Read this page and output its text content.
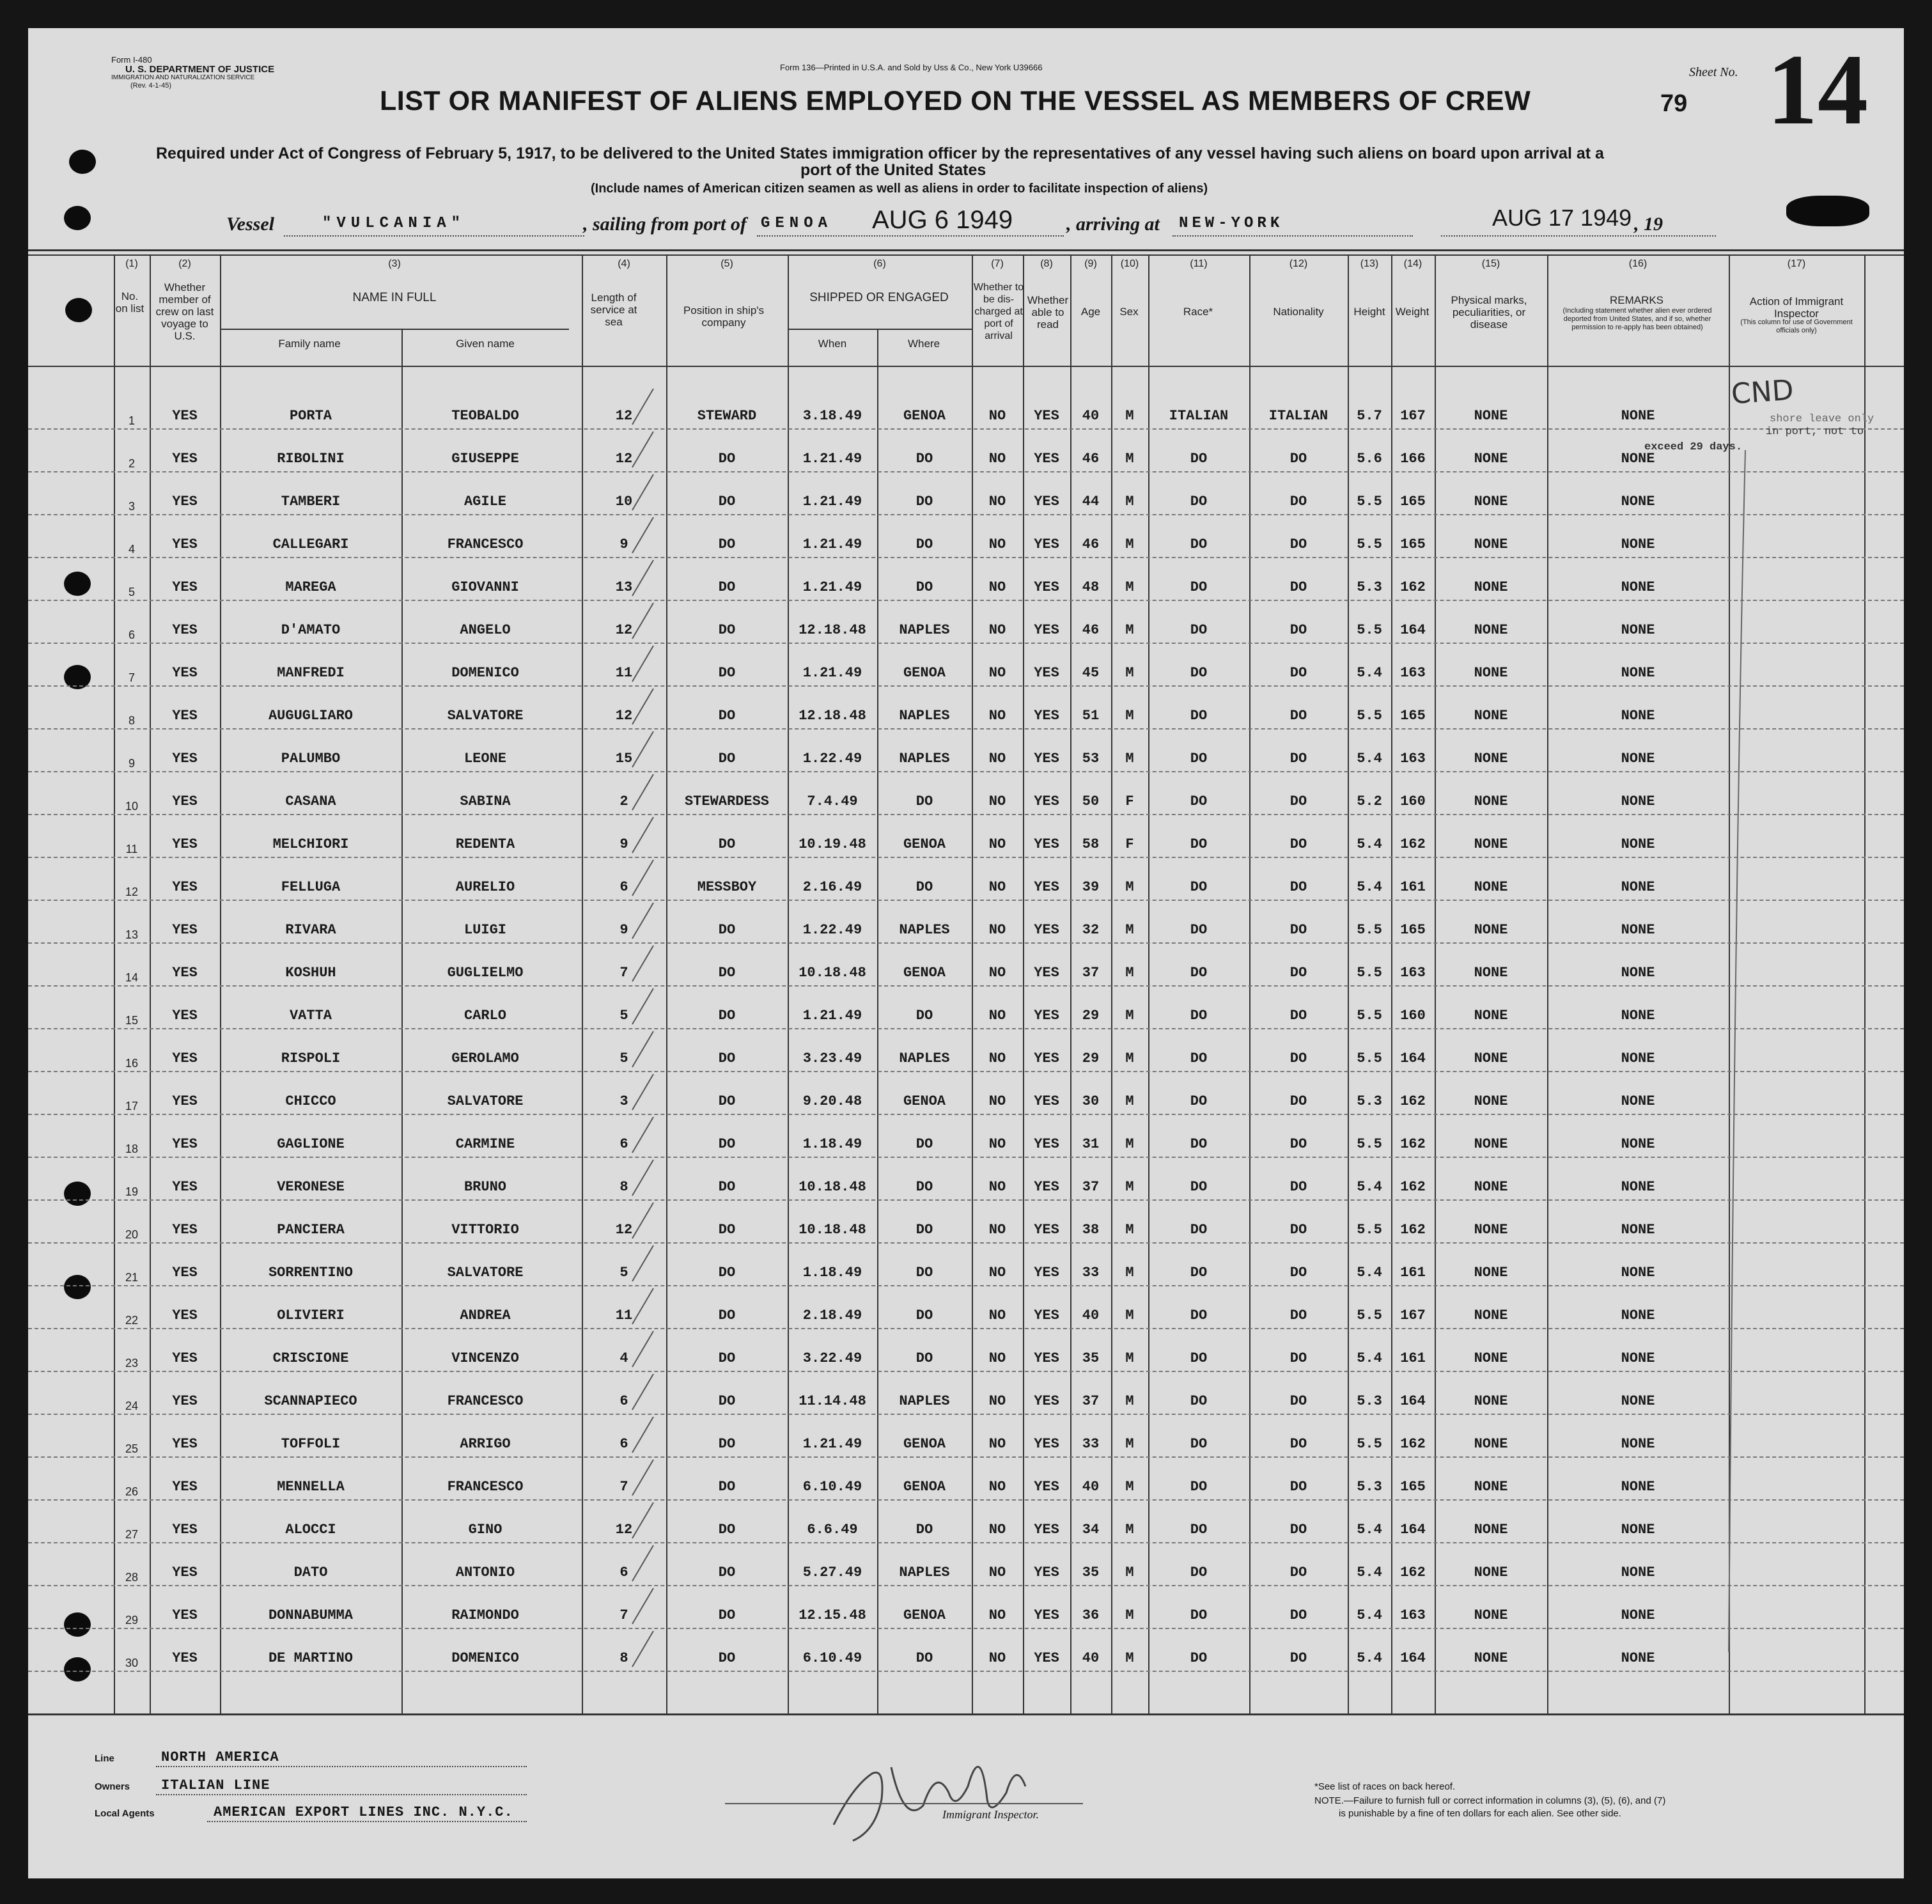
Form I-480
U. S. DEPARTMENT OF JUSTICE
IMMIGRATION AND NATURALIZATION SERVICE
(Rev. 4-1-45)
Form 136—Printed in U.S.A. and Sold by Uss & Co., New York U39666
LIST OR MANIFEST OF ALIENS EMPLOYED ON THE VESSEL AS MEMBERS OF CREW	79
Sheet No. 14
Required under Act of Congress of February 5, 1917, to be delivered to the United States immigration officer by the representatives of any vessel having such aliens on board upon arrival at a
port of the United States
(Include names of American citizen seamen as well as aliens in order to facilitate inspection of aliens)
Vessel	"VULCANIA"	, sailing from port of GENOA AUG 6 1949	, arriving at NEW-YORK	AUG 17 1949 , 19
No. on list
Whether member of crew on last voyage to U.S.
NAME IN FULL
Family name	Given name
Length of service at sea
Position in ship's company
SHIPPED OR ENGAGED
When	Where
Whether to be dis-charged at port of arrival
Whether able to read
Age	Sex	Race*	Nationality	Height Weight
Physical marks, peculiarities, or disease
REMARKS
(Including statement whether alien ever ordered deported from United States, and if so, whether permission to re-apply has been obtained)
Action of Immigrant Inspector
(This column for use of Government officials only)
(1)	(2)	(3)	(4)	(5)	(6)	(7)	(8)	(9)	(10)	(11)	(12)	(13)	(14)	(15)	(16)	(17)
1	YES	PORTA	TEOBALDO	12	STEWARD	3.18.49	GENOA	NO	YES	40	M	ITALIAN	ITALIAN	5.7	167	NONE	NONE
2	YES	RIBOLINI	GIUSEPPE	12	DO	1.21.49	DO	NO	YES	46	M	DO	DO	5.6	166	NONE	NONE
3	YES	TAMBERI	AGILE	10	DO	1.21.49	DO	NO	YES	44	M	DO	DO	5.5	165	NONE	NONE
4	YES	CALLEGARI	FRANCESCO	9	DO	1.21.49	DO	NO	YES	46	M	DO	DO	5.5	165	NONE	NONE
5	YES	MAREGA	GIOVANNI	13	DO	1.21.49	DO	NO	YES	48	M	DO	DO	5.3	162	NONE	NONE
6	YES	D'AMATO	ANGELO	12	DO	12.18.48	NAPLES	NO	YES	46	M	DO	DO	5.5	164	NONE	NONE
7	YES	MANFREDI	DOMENICO	11	DO	1.21.49	GENOA	NO	YES	45	M	DO	DO	5.4	163	NONE	NONE
8	YES	AUGUGLIARO	SALVATORE	12	DO	12.18.48	NAPLES	NO	YES	51	M	DO	DO	5.5	165	NONE	NONE
9	YES	PALUMBO	LEONE	15	DO	1.22.49	NAPLES	NO	YES	53	M	DO	DO	5.4	163	NONE	NONE
10	YES	CASANA	SABINA	2	STEWARDESS	7.4.49	DO	NO	YES	50	F	DO	DO	5.2	160	NONE	NONE
11	YES	MELCHIORI	REDENTA	9	DO	10.19.48	GENOA	NO	YES	58	F	DO	DO	5.4	162	NONE	NONE
12	YES	FELLUGA	AURELIO	6	MESSBOY	2.16.49	DO	NO	YES	39	M	DO	DO	5.4	161	NONE	NONE
13	YES	RIVARA	LUIGI	9	DO	1.22.49	NAPLES	NO	YES	32	M	DO	DO	5.5	165	NONE	NONE
14	YES	KOSHUH	GUGLIELMO	7	DO	10.18.48	GENOA	NO	YES	37	M	DO	DO	5.5	163	NONE	NONE
15	YES	VATTA	CARLO	5	DO	1.21.49	DO	NO	YES	29	M	DO	DO	5.5	160	NONE	NONE
16	YES	RISPOLI	GEROLAMO	5	DO	3.23.49	NAPLES	NO	YES	29	M	DO	DO	5.5	164	NONE	NONE
17	YES	CHICCO	SALVATORE	3	DO	9.20.48	GENOA	NO	YES	30	M	DO	DO	5.3	162	NONE	NONE
18	YES	GAGLIONE	CARMINE	6	DO	1.18.49	DO	NO	YES	31	M	DO	DO	5.5	162	NONE	NONE
19	YES	VERONESE	BRUNO	8	DO	10.18.48	DO	NO	YES	37	M	DO	DO	5.4	162	NONE	NONE
20	YES	PANCIERA	VITTORIO	12	DO	10.18.48	DO	NO	YES	38	M	DO	DO	5.5	162	NONE	NONE
21	YES	SORRENTINO	SALVATORE	5	DO	1.18.49	DO	NO	YES	33	M	DO	DO	5.4	161	NONE	NONE
22	YES	OLIVIERI	ANDREA	11	DO	2.18.49	DO	NO	YES	40	M	DO	DO	5.5	167	NONE	NONE
23	YES	CRISCIONE	VINCENZO	4	DO	3.22.49	DO	NO	YES	35	M	DO	DO	5.4	161	NONE	NONE
24	YES	SCANNAPIECO	FRANCESCO	6	DO	11.14.48	NAPLES	NO	YES	37	M	DO	DO	5.3	164	NONE	NONE
25	YES	TOFFOLI	ARRIGO	6	DO	1.21.49	GENOA	NO	YES	33	M	DO	DO	5.5	162	NONE	NONE
26	YES	MENNELLA	FRANCESCO	7	DO	6.10.49	GENOA	NO	YES	40	M	DO	DO	5.3	165	NONE	NONE
27	YES	ALOCCI	GINO	12	DO	6.6.49	DO	NO	YES	34	M	DO	DO	5.4	164	NONE	NONE
28	YES	DATO	ANTONIO	6	DO	5.27.49	NAPLES	NO	YES	35	M	DO	DO	5.4	162	NONE	NONE
29	YES	DONNABUMMA	RAIMONDO	7	DO	12.15.48	GENOA	NO	YES	36	M	DO	DO	5.4	163	NONE	NONE
30	YES	DE MARTINO	DOMENICO	8	DO	6.10.49	DO	NO	YES	40	M	DO	DO	5.4	164	NONE	NONE
CND
shore leave only
in port, not to
exceed 29 days.
Line	NORTH AMERICA
Owners ITALIAN LINE
Local Agents	AMERICAN EXPORT LINES INC. N.Y.C.	Immigrant Inspector.
*See list of races on back hereof.
NOTE.—Failure to furnish full or correct information in columns (3), (5), (6), and (7)
is punishable by a fine of ten dollars for each alien. See other side.
